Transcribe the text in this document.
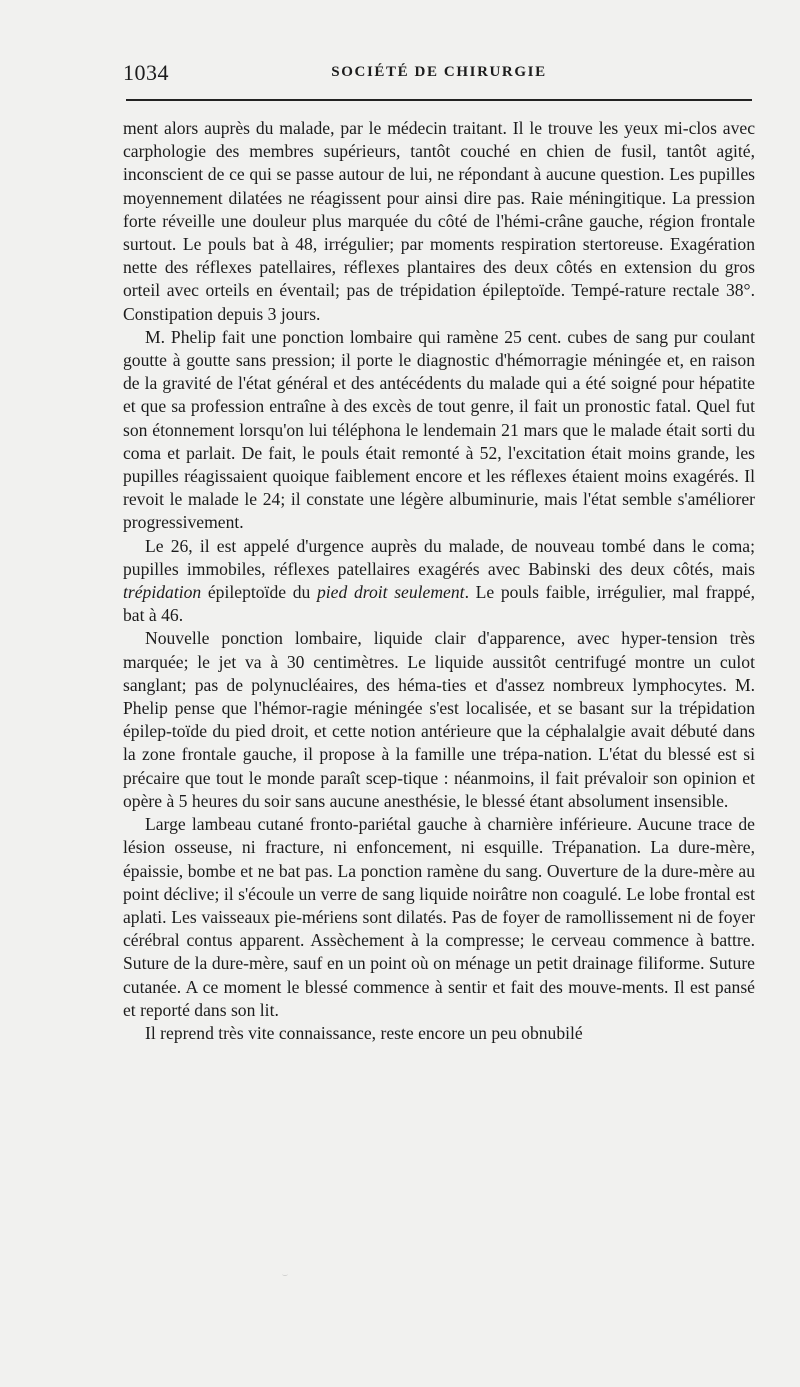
1034	SOCIÉTÉ DE CHIRURGIE

ment alors auprès du malade, par le médecin traitant. Il le trouve les yeux mi-clos avec carphologie des membres supérieurs, tantôt couché en chien de fusil, tantôt agité, inconscient de ce qui se passe autour de lui, ne répondant à aucune question. Les pupilles moyennement dilatées ne réagissent pour ainsi dire pas. Raie méningitique. La pression forte réveille une douleur plus marquée du côté de l'hémi-crâne gauche, région frontale surtout. Le pouls bat à 48, irrégulier; par moments respiration stertoreuse. Exagération nette des réflexes patellaires, réflexes plantaires des deux côtés en extension du gros orteil avec orteils en éventail; pas de trépidation épileptoïde. Tempé-rature rectale 38°. Constipation depuis 3 jours.

M. Phelip fait une ponction lombaire qui ramène 25 cent. cubes de sang pur coulant goutte à goutte sans pression; il porte le diagnostic d'hémorragie méningée et, en raison de la gravité de l'état général et des antécédents du malade qui a été soigné pour hépatite et que sa profession entraîne à des excès de tout genre, il fait un pronostic fatal. Quel fut son étonnement lorsqu'on lui téléphona le lendemain 21 mars que le malade était sorti du coma et parlait. De fait, le pouls était remonté à 52, l'excitation était moins grande, les pupilles réagissaient quoique faiblement encore et les réflexes étaient moins exagérés. Il revoit le malade le 24; il constate une légère albuminurie, mais l'état semble s'améliorer progressivement.

Le 26, il est appelé d'urgence auprès du malade, de nouveau tombé dans le coma; pupilles immobiles, réflexes patellaires exagérés avec Babinski des deux côtés, mais trépidation épileptoïde du pied droit seulement. Le pouls faible, irrégulier, mal frappé, bat à 46.

Nouvelle ponction lombaire, liquide clair d'apparence, avec hyper-tension très marquée; le jet va à 30 centimètres. Le liquide aussitôt centrifugé montre un culot sanglant; pas de polynucléaires, des héma-ties et d'assez nombreux lymphocytes. M. Phelip pense que l'hémor-ragie méningée s'est localisée, et se basant sur la trépidation épilep-toïde du pied droit, et cette notion antérieure que la céphalalgie avait débuté dans la zone frontale gauche, il propose à la famille une trépa-nation. L'état du blessé est si précaire que tout le monde paraît scep-tique : néanmoins, il fait prévaloir son opinion et opère à 5 heures du soir sans aucune anesthésie, le blessé étant absolument insensible.

Large lambeau cutané fronto-pariétal gauche à charnière inférieure. Aucune trace de lésion osseuse, ni fracture, ni enfoncement, ni esquille. Trépanation. La dure-mère, épaissie, bombe et ne bat pas. La ponction ramène du sang. Ouverture de la dure-mère au point déclive; il s'écoule un verre de sang liquide noirâtre non coagulé. Le lobe frontal est aplati. Les vaisseaux pie-mériens sont dilatés. Pas de foyer de ramollissement ni de foyer cérébral contus apparent. Assèchement à la compresse; le cerveau commence à battre. Suture de la dure-mère, sauf en un point où on ménage un petit drainage filiforme. Suture cutanée. A ce moment le blessé commence à sentir et fait des mouve-ments. Il est pansé et reporté dans son lit.

Il reprend très vite connaissance, reste encore un peu obnubilé
